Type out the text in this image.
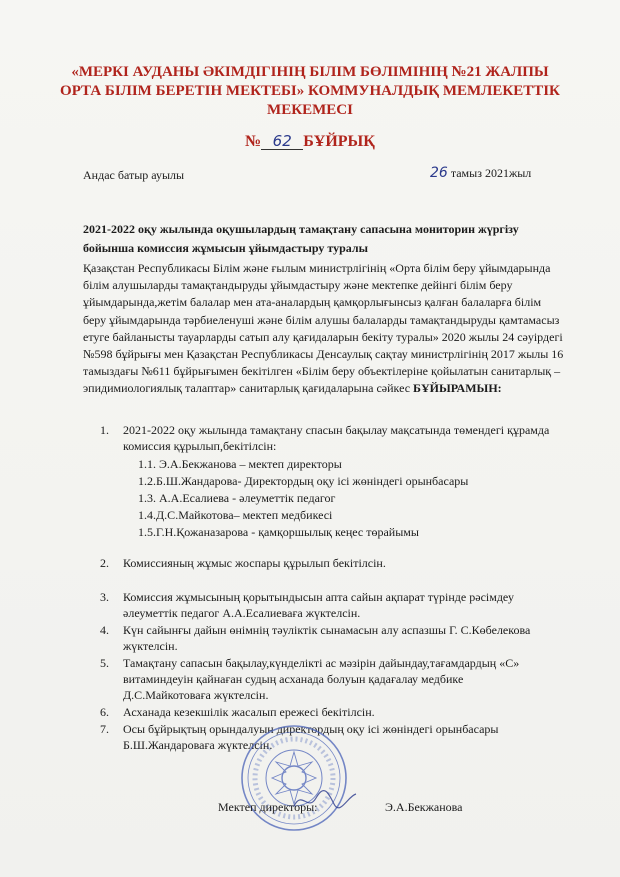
«МЕРКІ АУДАНЫ ӘКІМДІГІНІҢ БІЛІМ БӨЛІМІНІҢ №21 ЖАЛПЫ
ОРТА БІЛІМ БЕРЕТІН МЕКТЕБІ» КОММУНАЛДЫҚ МЕМЛЕКЕТТІК
МЕКЕМЕСІ
№ 62 БҰЙРЫҚ
Андас батыр ауылы	26 тамыз 2021жыл
2021-2022 оқу жылында оқушылардың тамақтану сапасына мониторин жүргізу
бойынша комиссия жұмысын ұйымдастыру туралы
Қазақстан Республикасы Білім және ғылым министрлігінің «Орта білім беру ұйымдарында білім алушыларды тамақтандыруды ұйымдастыру және мектепке дейінгі білім беру ұйымдарында,жетім балалар мен ата-аналардың қамқорлығынсыз қалған балаларға білім беру ұйымдарында тәрбиеленуші және білім алушы балаларды тамақтандыруды қамтамасыз етуге байланысты тауарларды сатып алу қағидаларын бекіту туралы» 2020 жылы 24 сәуірдегі №598 бұйрығы мен Қазақстан Республикасы Денсаулық сақтау министрлігінің 2017 жылы 16 тамыздағы №611 бұйрығымен бекітілген «Білім беру объектілеріне қойылатын санитарлық – эпидимиологиялық талаптар» санитарлық қағидаларына сәйкес БҰЙЫРАМЫН:
1. 2021-2022 оқу жылында тамақтану спасын бақылау мақсатында төмендегі құрамда
комиссия құрылып,бекітілсін:
1.1. Э.А.Бекжанова – мектеп директоры
1.2.Б.Ш.Жандарова- Директордың оқу ісі жөніндегі орынбасары
1.3. А.А.Есалиева - әлеуметтік педагог
1.4.Д.С.Майкотова– мектеп медбикесі
1.5.Г.Н.Қожаназарова - қамқоршылық кеңес төрайымы
2. Комиссияның жұмыс жоспары құрылып бекітілсін.
3. Комиссия жұмысының қорытындысын апта сайын ақпарат түрінде рәсімдеу
әлеуметтік педагог А.А.Есалиеваға жүктелсін.
4. Күн сайынғы дайын өнімнің тәуліктік сынамасын алу аспазшы Г. С.Көбелекова
жүктелсін.
5. Тамақтану сапасын бақылау,күнделікті ас мәзірін дайындау,тағамдардың «С»
витаминдеуін қайнаған судың асханада болуын қадағалау медбике
Д.С.Майкотоваға жүктелсін.
6. Асханада кезекшілік жасалып ережесі бекітілсін.
7. Осы бұйрықтың орындалуын директордың оқу ісі жөніндегі орынбасары
Б.Ш.Жандароваға жүктелсін.
Мектеп директоры:	Э.А.Бекжанова
